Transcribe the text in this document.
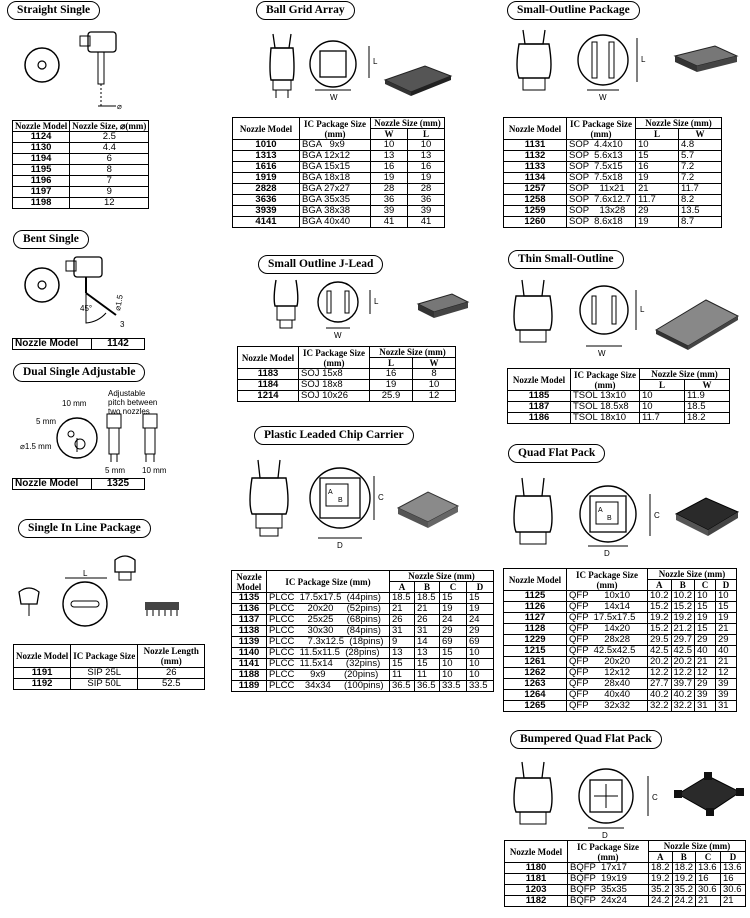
Straight Single
⌀
Nozzle Model	Nozzle Size, ⌀(mm)
1124	2.5
1130	4.4
1194	6
1195	8
1196	7
1197	9
1198	12
Bent Single
45°	⌀1.5
3
Nozzle Model	1142
Dual Single Adjustable
Adjustable
pitch between
two nozzles
10 mm
5 mm
⌀1.5 mm
5 mm 10 mm
Nozzle Model	1325
Single In Line Package
L
Nozzle Model	IC Package Size	Nozzle Length (mm)
1191	SIP 25L	26
1192	SIP 50L	52.5
Ball Grid Array
L
W
Nozzle Model	IC Package Size (mm)	Nozzle Size (mm)	
		W	L
1010	BGA   9x9	10	10
1313	BGA 12x12	13	13
1616	BGA 15x15	16	16
1919	BGA 18x18	19	19
2828	BGA 27x27	28	28
3636	BGA 35x35	36	36
3939	BGA 38x38	39	39
4141	BGA 40x40	41	41
Small Outline J-Lead
L
W
Nozzle Model	IC Package Size (mm)	Nozzle Size (mm)	
		L	W
1183	SOJ 15x8	16	8
1184	SOJ 18x8	19	10
1214	SOJ 10x26	25.9	12
Plastic Leaded Chip Carrier
A
B	C
D
Nozzle
Model	IC Package Size (mm)	Nozzle Size (mm)			
		A	B	C	D
1135	PLCC  17.5x17.5  (44pins)	18.5	18.5	15	15
1136	PLCC     20x20     (52pins)	21	21	19	19
1137	PLCC     25x25     (68pins)	26	26	24	24
1138	PLCC     30x30     (84pins)	31	31	29	29
1139	PLCC     7.3x12.5  (18pins)	9	14	69	69
1140	PLCC  11.5x11.5  (28pins)	13	13	15	10
1141	PLCC  11.5x14     (32pins)	15	15	10	10
1188	PLCC      9x9       (20pins)	11	11	10	10
1189	PLCC    34x34     (100pins)	36.5	36.5	33.5	33.5
Small-Outline Package
L
W
Nozzle Model	IC Package Size (mm)	Nozzle Size (mm)	
		L	W
1131	SOP  4.4x10	10	4.8
1132	SOP  5.6x13	15	5.7
1133	SOP  7.5x15	16	7.2
1134	SOP  7.5x18	19	7.2
1257	SOP    11x21	21	11.7
1258	SOP  7.6x12.7	11.7	8.2
1259	SOP    13x28	29	13.5
1260	SOP  8.6x18	19	8.7
Thin Small-Outline
L
W
Nozzle Model	IC Package Size (mm)	Nozzle Size (mm)	
		L	W
1185	TSOL 13x10	10	11.9
1187	TSOL 18.5x8	10	18.5
1186	TSOL 18x10	11.7	18.2
Quad Flat Pack
A
B	C
D
Nozzle Model	IC Package Size (mm)	Nozzle Size (mm)			
		A	B	C	D
1125	QFP      10x10	10.2	10.2	10	10
1126	QFP      14x14	15.2	15.2	15	15
1127	QFP  17.5x17.5	19.2	19.2	19	19
1128	QFP      14x20	15.2	21.2	15	21
1229	QFP      28x28	29.5	29.7	29	29
1215	QFP  42.5x42.5	42.5	42.5	40	40
1261	QFP      20x20	20.2	20.2	21	21
1262	QFP      12x12	12.2	12.2	12	12
1263	QFP      28x40	27.7	39.7	29	39
1264	QFP      40x40	40.2	40.2	39	39
1265	QFP      32x32	32.2	32.2	31	31
Bumpered Quad Flat Pack
C
D
Nozzle Model	IC Package Size (mm)	Nozzle Size (mm)			
		A	B	C	D
1180	BQFP  17x17	18.2	18.2	13.6	13.6
1181	BQFP  19x19	19.2	19.2	16	16
1203	BQFP  35x35	35.2	35.2	30.6	30.6
1182	BQFP  24x24	24.2	24.2	21	21
